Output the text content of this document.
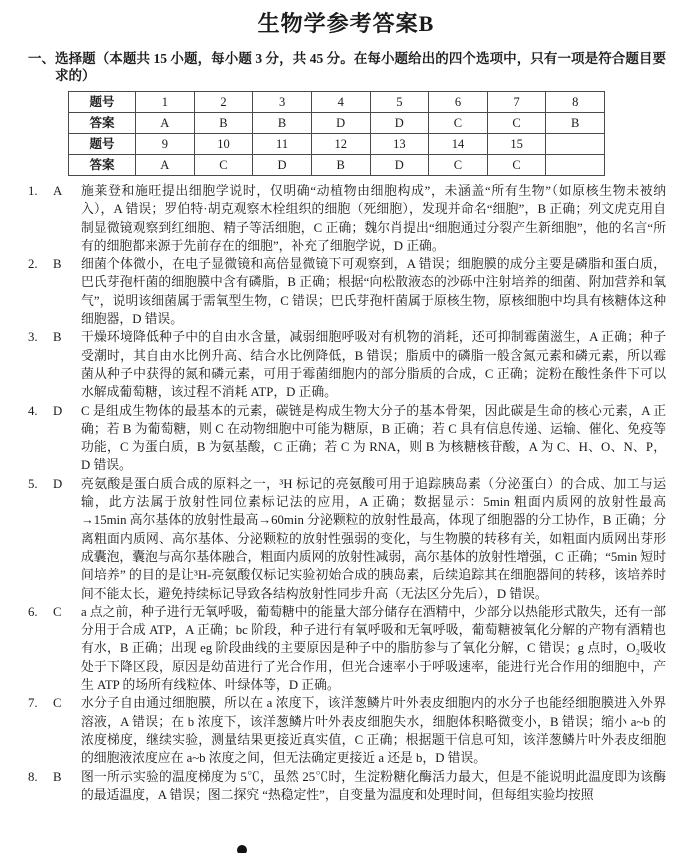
生物学参考答案B
一、 选择题（本题共 15 小题，每小题 3 分，共 45 分。在每小题给出的四个选项中，只有一项是符合题目要求的）
题号	1	2	3	4	5	6	7	8
答案	A	B	B	D	D	C	C	B
题号	9	10	11	12	13	14	15	
答案	A	C	D	B	D	C	C	
1.	A	施莱登和施旺提出细胞学说时，仅明确“动植物由细胞构成”，未涵盖“所有生物”（如原核生物未被纳入），A 错误；罗伯特·胡克观察木栓组织的细胞（死细胞），发现并命名“细胞”，B 正确；列文虎克用自制显微镜观察到红细胞、精子等活细胞，C 正确；魏尔肖提出“细胞通过分裂产生新细胞”，他的名言“所有的细胞都来源于先前存在的细胞”，补充了细胞学说，D 正确。
2.	B	细菌个体微小，在电子显微镜和高倍显微镜下可观察到，A 错误；细胞膜的成分主要是磷脂和蛋白质，巴氏芽孢杆菌的细胞膜中含有磷脂，B 正确；根据“向松散液态的沙砾中注射培养的细菌、附加营养和氧气”，说明该细菌属于需氧型生物，C 错误；巴氏芽孢杆菌属于原核生物，原核细胞中均具有核糖体这种细胞器，D 错误。
3.	B	干燥环境降低种子中的自由水含量，减弱细胞呼吸对有机物的消耗，还可抑制霉菌滋生，A 正确；种子受潮时，其自由水比例升高、结合水比例降低，B 错误；脂质中的磷脂一般含氮元素和磷元素，所以霉菌从种子中获得的氮和磷元素，可用于霉菌细胞内的部分脂质的合成，C 正确；淀粉在酸性条件下可以水解成葡萄糖，该过程不消耗 ATP，D 正确。
4.	D	C 是组成生物体的最基本的元素，碳链是构成生物大分子的基本骨架，因此碳是生命的核心元素，A 正确；若 B 为葡萄糖，则 C 在动物细胞中可能为糖原，B 正确；若 C 具有信息传递、运输、催化、免疫等功能，C 为蛋白质，B 为氨基酸，C 正确；若 C 为 RNA，则 B 为核糖核苷酸，A 为 C、H、O、N、P，D 错误。
5.	D	亮氨酸是蛋白质合成的原料之一，³H 标记的亮氨酸可用于追踪胰岛素（分泌蛋白）的合成、加工与运输，此方法属于放射性同位素标记法的应用，A 正确；数据显示：5min 粗面内质网的放射性最高→15min 高尔基体的放射性最高→60min 分泌颗粒的放射性最高，体现了细胞器的分工协作，B 正确；分离粗面内质网、高尔基体、分泌颗粒的放射性强弱的变化，与生物膜的转移有关，如粗面内质网出芽形成囊泡，囊泡与高尔基体融合，粗面内质网的放射性减弱，高尔基体的放射性增强，C 正确；“5min 短时间培养” 的目的是让³H-亮氨酸仅标记实验初始合成的胰岛素，后续追踪其在细胞器间的转移，该培养时间不能太长，避免持续标记导致各结构放射性同步升高（无法区分先后），D 错误。
6.	C	a 点之前，种子进行无氧呼吸，葡萄糖中的能量大部分储存在酒精中，少部分以热能形式散失，还有一部分用于合成 ATP，A 正确；bc 阶段，种子进行有氧呼吸和无氧呼吸，葡萄糖被氧化分解的产物有酒精也有水，B 正确；出现 eg 阶段曲线的主要原因是种子中的脂肪参与了氧化分解，C 错误；g 点时，O₂吸收处于下降区段，原因是幼苗进行了光合作用，但光合速率小于呼吸速率，能进行光合作用的细胞中，产生 ATP 的场所有线粒体、叶绿体等，D 正确。
7.	C	水分子自由通过细胞膜，所以在 a 浓度下，该洋葱鳞片叶外表皮细胞内的水分子也能经细胞膜进入外界溶液，A 错误；在 b 浓度下，该洋葱鳞片叶外表皮细胞失水，细胞体积略微变小，B 错误；缩小 a~b 的浓度梯度，继续实验，测量结果更接近真实值，C 正确；根据题干信息可知，该洋葱鳞片叶外表皮细胞的细胞液浓度应在 a~b 浓度之间，但无法确定更接近 a 还是 b，D 错误。
8.	B	图一所示实验的温度梯度为 5℃，虽然 25℃时，生淀粉糖化酶活力最大，但是不能说明此温度即为该酶的最适温度，A 错误；图二探究 “热稳定性”，自变量为温度和处理时间，但每组实验均按照
